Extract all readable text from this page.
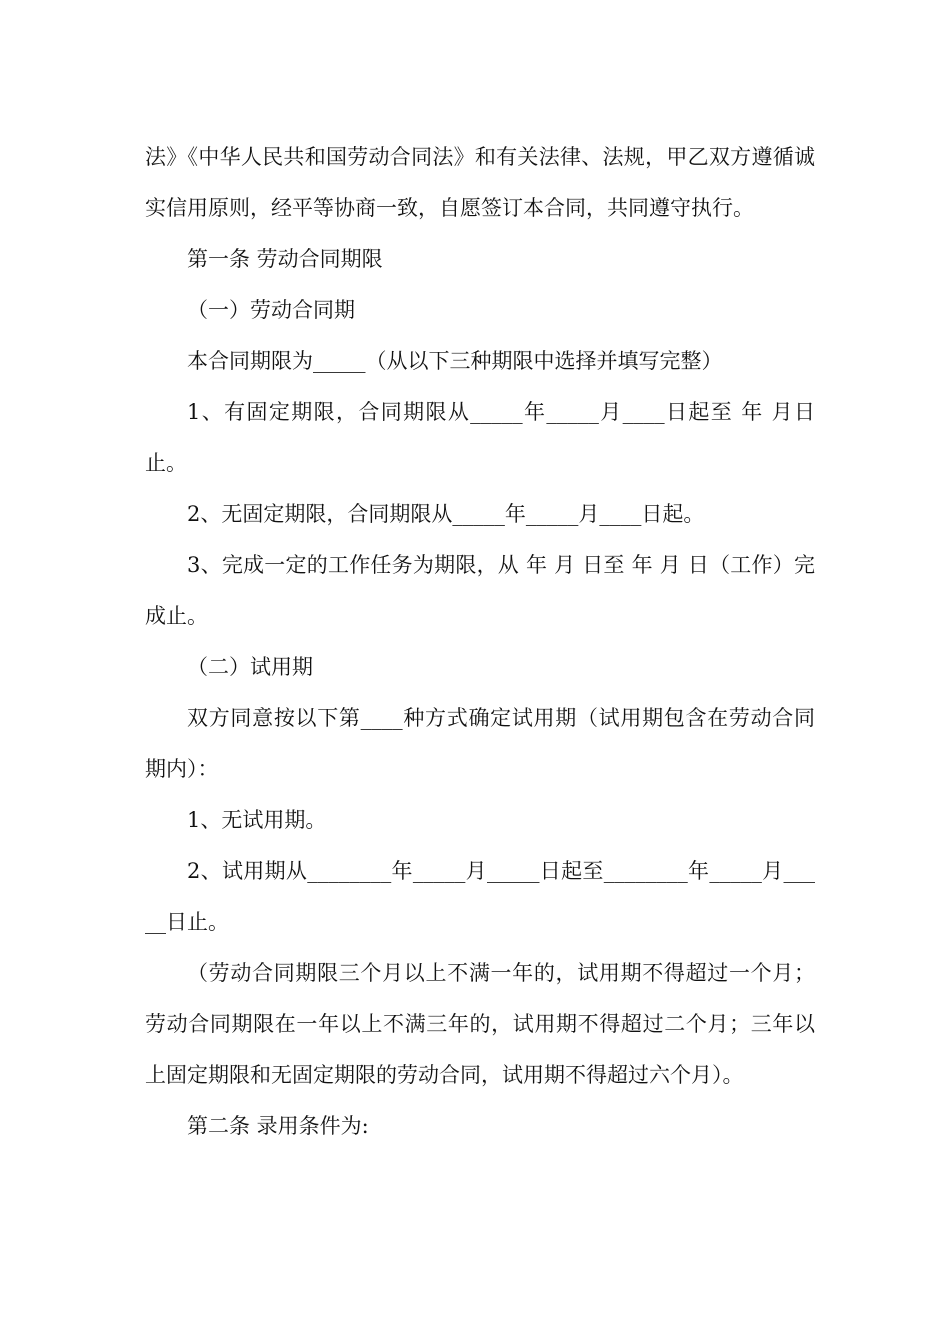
法》《中华人民共和国劳动合同法》和有关法律、法规，甲乙双方遵循诚实信用原则，经平等协商一致，自愿签订本合同，共同遵守执行。

第一条 劳动合同期限

（一）劳动合同期

本合同期限为_____（从以下三种期限中选择并填写完整）

1、有固定期限，合同期限从_____年_____月____日起至 年 月日止。

2、无固定期限，合同期限从_____年_____月____日起。

3、完成一定的工作任务为期限，从 年 月 日至 年 月 日（工作）完成止。

（二）试用期

双方同意按以下第____种方式确定试用期（试用期包含在劳动合同期内）：

1、无试用期。

2、试用期从________年_____月_____日起至________年_____月_____日止。

（劳动合同期限三个月以上不满一年的，试用期不得超过一个月；劳动合同期限在一年以上不满三年的，试用期不得超过二个月；三年以上固定期限和无固定期限的劳动合同，试用期不得超过六个月）。

第二条 录用条件为:
